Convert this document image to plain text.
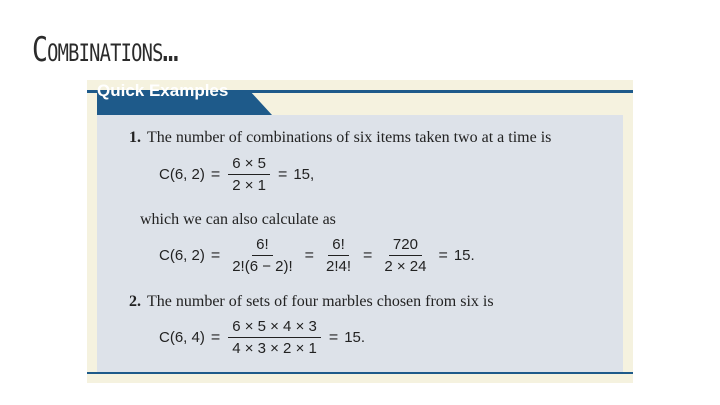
Combinations…
Quick Examples
1. The number of combinations of six items taken two at a time is
C(6, $2) = \frac{6 \times 5}{2 \times 1} = 15$,
which we can also calculate as
C(6, $2) = \frac{6!}{2!(6 - 2)!} = \frac{6!}{2!4!} = \frac{720}{2 \times 24} = 15$.
2. The number of sets of four marbles chosen from six is
C(6, $4) = \frac{6 \times 5 \times 4 \times 3}{4 \times 3 \times 2 \times 1} = 15$.
